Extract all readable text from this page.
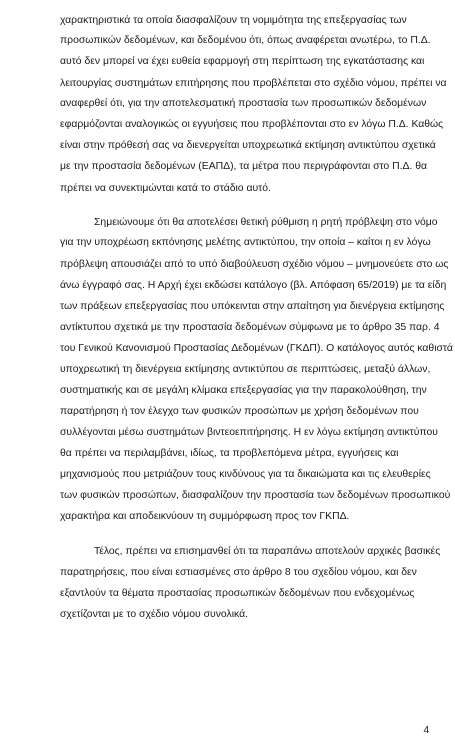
χαρακτηριστικά τα οποία διασφαλίζουν τη νομιμότητα της επεξεργασίας των
προσωπικών δεδομένων, και δεδομένου ότι, όπως αναφέρεται ανωτέρω, το Π.Δ.
αυτό δεν μπορεί να έχει ευθεία εφαρμογή στη περίπτωση της εγκατάστασης και
λειτουργίας συστημάτων επιτήρησης που προβλέπεται στο σχέδιο νόμου, πρέπει να
αναφερθεί ότι, για την αποτελεσματική προστασία των προσωπικών δεδομένων
εφαρμόζονται αναλογικώς οι εγγυήσεις που προβλέπονται στο εν λόγω Π.Δ. Καθώς
είναι στην πρόθεσή σας να διενεργείται υποχρεωτικά εκτίμηση αντικτύπου σχετικά
με την προστασία δεδομένων (ΕΑΠΔ), τα μέτρα που περιγράφονται στο Π.Δ. θα
πρέπει να συνεκτιμώνται κατά το στάδιο αυτό.
Σημειώνουμε ότι θα αποτελέσει θετική ρύθμιση η ρητή πρόβλεψη στο νόμο
για την υποχρέωση εκπόνησης μελέτης αντικτύπου, την οποία – καίτοι η εν λόγω
πρόβλεψη απουσιάζει από το υπό διαβούλευση σχέδιο νόμου – μνημονεύετε στο ως
άνω έγγραφό σας. Η Αρχή έχει εκδώσει κατάλογο (βλ. Απόφαση 65/2019) με τα είδη
των πράξεων επεξεργασίας που υπόκεινται στην απαίτηση για διενέργεια εκτίμησης
αντίκτυπου σχετικά με την προστασία δεδομένων σύμφωνα με το άρθρο 35 παρ. 4
του Γενικού Κανονισμού Προστασίας Δεδομένων (ΓΚΔΠ). Ο κατάλογος αυτός καθιστά
υποχρεωτική τη διενέργεια εκτίμησης αντικτύπου σε περιπτώσεις, μεταξύ άλλων,
συστηματικής και σε μεγάλη κλίμακα επεξεργασίας για την παρακολούθηση, την
παρατήρηση ή τον έλεγχο των φυσικών προσώπων με χρήση δεδομένων που
συλλέγονται μέσω συστημάτων βιντεοεπιτήρησης. Η εν λόγω εκτίμηση αντικτύπου
θα πρέπει να περιλαμβάνει, ιδίως, τα προβλεπόμενα μέτρα, εγγυήσεις και
μηχανισμούς που μετριάζουν τους κινδύνους για τα δικαιώματα και τις ελευθερίες
των φυσικών προσώπων, διασφαλίζουν την προστασία των δεδομένων προσωπικού
χαρακτήρα και αποδεικνύουν τη συμμόρφωση προς τον ΓΚΠΔ.
Τέλος, πρέπει να επισημανθεί ότι τα παραπάνω αποτελούν αρχικές βασικές
παρατηρήσεις, που είναι εστιασμένες στο άρθρο 8 του σχεδίου νόμου, και δεν
εξαντλούν τα θέματα προστασίας προσωπικών δεδομένων που ενδεχομένως
σχετίζονται με το σχέδιο νόμου συνολικά.
4
